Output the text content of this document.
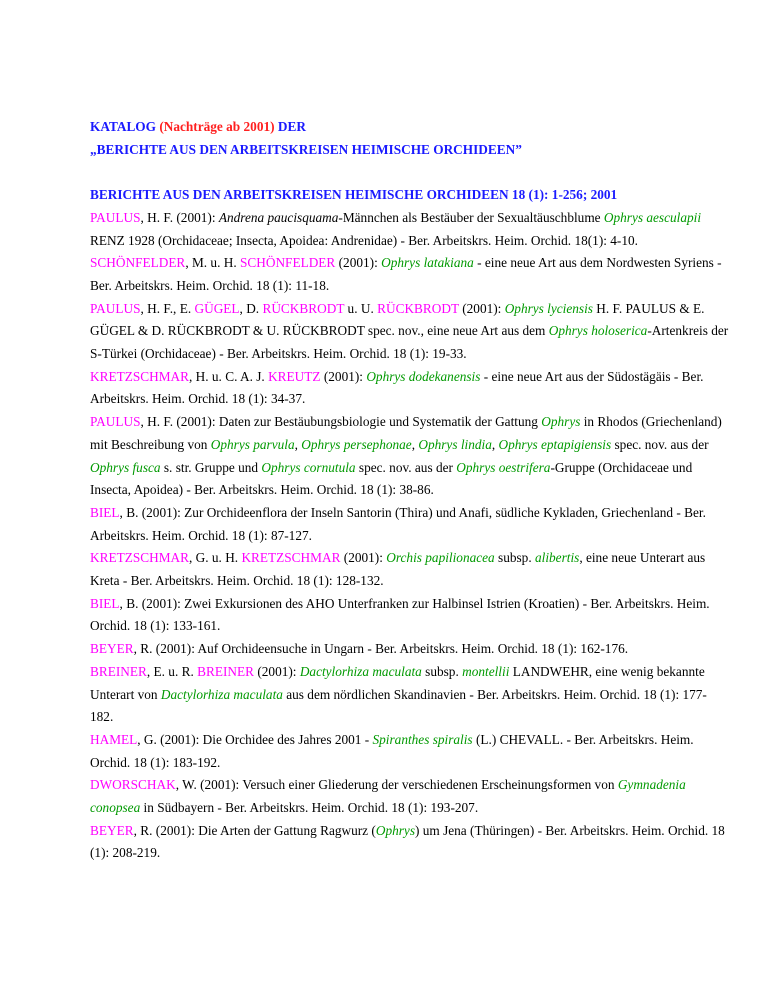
KATALOG (Nachträge ab 2001) DER

„BERICHTE AUS DEN ARBEITSKREISEN HEIMISCHE ORCHIDEEN”

BERICHTE AUS DEN ARBEITSKREISEN HEIMISCHE ORCHIDEEN 18 (1): 1-256; 2001

PAULUS, H. F. (2001): Andrena paucisquama-Männchen als Bestäuber der Sexualtäuschblume Ophrys aesculapii RENZ 1928 (Orchidaceae; Insecta, Apoidea: Andrenidae) - Ber. Arbeitskrs. Heim. Orchid. 18(1): 4-10.

SCHÖNFELDER, M. u. H. SCHÖNFELDER (2001): Ophrys latakiana - eine neue Art aus dem Nordwesten Syriens - Ber. Arbeitskrs. Heim. Orchid. 18 (1): 11-18.

PAULUS, H. F., E. GÜGEL, D. RÜCKBRODT u. U. RÜCKBRODT (2001): Ophrys lyciensis H. F. PAULUS & E. GÜGEL & D. RÜCKBRODT & U. RÜCKBRODT spec. nov., eine neue Art aus dem Ophrys holoserica-Artenkreis der S-Türkei (Orchidaceae) - Ber. Arbeitskrs. Heim. Orchid. 18 (1): 19-33.

KRETZSCHMAR, H. u. C. A. J. KREUTZ (2001): Ophrys dodekanensis - eine neue Art aus der Südostägäis - Ber. Arbeitskrs. Heim. Orchid. 18 (1): 34-37.

PAULUS, H. F. (2001): Daten zur Bestäubungsbiologie und Systematik der Gattung Ophrys in Rhodos (Griechenland) mit Beschreibung von Ophrys parvula, Ophrys persephonae, Ophrys lindia, Ophrys eptapigiensis spec. nov. aus der Ophrys fusca s. str. Gruppe und Ophrys cornutula spec. nov. aus der Ophrys oestrifera-Gruppe (Orchidaceae und Insecta, Apoidea) - Ber. Arbeitskrs. Heim. Orchid. 18 (1): 38-86.

BIEL, B. (2001): Zur Orchideenflora der Inseln Santorin (Thira) und Anafi, südliche Kykladen, Griechenland - Ber. Arbeitskrs. Heim. Orchid. 18 (1): 87-127.

KRETZSCHMAR, G. u. H. KRETZSCHMAR (2001): Orchis papilionacea subsp. alibertis, eine neue Unterart aus Kreta - Ber. Arbeitskrs. Heim. Orchid. 18 (1): 128-132.

BIEL, B. (2001): Zwei Exkursionen des AHO Unterfranken zur Halbinsel Istrien (Kroatien) - Ber. Arbeitskrs. Heim. Orchid. 18 (1): 133-161.

BEYER, R. (2001): Auf Orchideensuche in Ungarn - Ber. Arbeitskrs. Heim. Orchid. 18 (1): 162-176.

BREINER, E. u. R. BREINER (2001): Dactylorhiza maculata subsp. montellii LANDWEHR, eine wenig bekannte Unterart von Dactylorhiza maculata aus dem nördlichen Skandinavien - Ber. Arbeitskrs. Heim. Orchid. 18 (1): 177-182.

HAMEL, G. (2001): Die Orchidee des Jahres 2001 - Spiranthes spiralis (L.) CHEVALL. - Ber. Arbeitskrs. Heim. Orchid. 18 (1): 183-192.

DWORSCHAK, W. (2001): Versuch einer Gliederung der verschiedenen Erscheinungsformen von Gymnadenia conopsea in Südbayern - Ber. Arbeitskrs. Heim. Orchid. 18 (1): 193-207.

BEYER, R. (2001): Die Arten der Gattung Ragwurz (Ophrys) um Jena (Thüringen) - Ber. Arbeitskrs. Heim. Orchid. 18 (1): 208-219.
